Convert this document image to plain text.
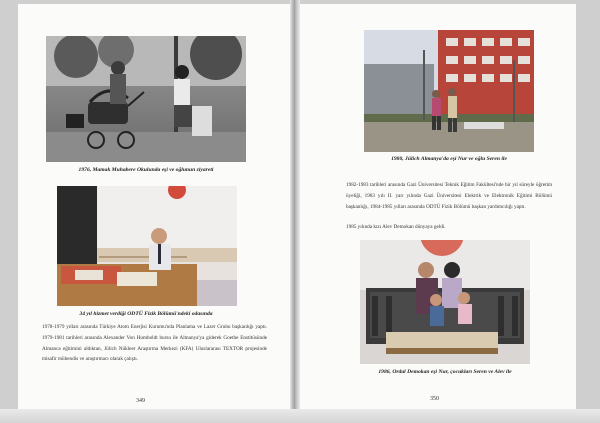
1976, Mamak Muhabere Okulunda eşi ve oğlunun ziyareti
34 yıl hizmet verdiği ODTÜ Fizik Bölümü'ndeki odasında

1978-1979 yılları arasında Türkiye Atom Enerjisi Kurumu'nda Planlama ve Lazer Grubu başkanlığı yaptı. 1979-1981 tarihleri arasında Alexander Von Humboldt bursu ile Almanya'ya giderek Goethe Enstitüsünde Almanca eğitimini aldıktan, Jülich Nükleer Araştırma Merkezi (KFA) Uluslararası TEXTOR projesinde misafir mühendis ve araştırmacı olarak çalıştı.

349
1980, Jülich Almanya'da eşi Nur ve oğlu Seren ile

1982-1983 tarihleri arasında Gazi Üniversitesi Teknik Eğitim Fakültesi'nde bir yıl süreyle öğretim üyeliği, 1983 yılı II. yarı yılında Gazi Üniversitesi Elektrik ve Elektronik Eğitimi Bölümü başkanlığı, 1984-1985 yılları arasında ODTÜ Fizik Bölümü başkan yardımcılığı yaptı.

1985 yılında kızı Alev Demokan dünyaya geldi.

1986, Ordal Demokan eşi Nur, çocukları Seren ve Alev ile
350
